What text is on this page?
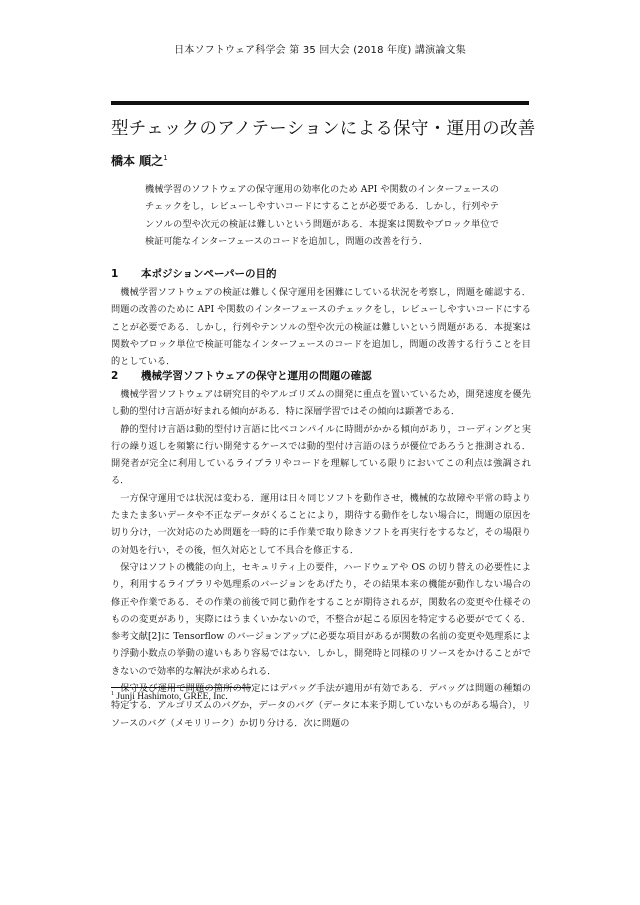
日本ソフトウェア科学会 第 35 回大会 (2018 年度) 講演論文集
型チェックのアノテーションによる保守・運用の改善
橋本 順之$^1$
機械学習のソフトウェアの保守運用の効率化のため API や関数のインターフェースのチェックをし，レビューしやすいコードにすることが必要である．しかし，行列やテンソルの型や次元の検証は難しいという問題がある．本提案は関数やブロック単位で検証可能なインターフェースのコードを追加し，問題の改善を行う．
1 本ポジションペーパーの目的

機械学習ソフトウェアの検証は難しく保守運用を困難にしている状況を考察し，問題を確認する．問題の改善のために API や関数のインターフェースのチェックをし，レビューしやすいコードにすることが必要である．しかし，行列やテンソルの型や次元の検証は難しいという問題がある．本提案は関数やブロック単位で検証可能なインターフェースのコードを追加し，問題の改善する行うことを目的としている．

2 機械学習ソフトウェアの保守と運用の問題の確認

機械学習ソフトウェアは研究目的やアルゴリズムの開発に重点を置いているため，開発速度を優先し動的型付け言語が好まれる傾向がある．特に深層学習ではその傾向は顕著である．

静的型付け言語は動的型付け言語に比べコンパイルに時間がかかる傾向があり，コーディングと実行の繰り返しを頻繁に行い開発するケースでは動的型付け言語のほうが優位であろうと推測される．開発者が完全に利用しているライブラリやコードを理解している限りにおいてこの利点は強調される．

一方保守運用では状況は変わる．運用は日々同じソフトを動作させ，機械的な故障や平常の時よりたまたま多いデータや不正なデータがくることにより，期待する動作をしない場合に，問題の原因を切り分け，一次対応のため問題を一時的に手作業で取り除きソフトを再実行をするなど，その場限りの対処を行い，その後，恒久対応として不具合を修正する．

保守はソフトの機能の向上，セキュリティ上の要件，ハードウェアや OS の切り替えの必要性により，利用するライブラリや処理系のバージョンをあげたり，その結果本来の機能が動作しない場合の修正や作業である．その作業の前後で同じ動作をすることが期待されるが，関数名の変更や仕様そのものの変更があり，実際にはうまくいかないので，不整合が起こる原因を特定する必要がでてくる．参考文献[2]に Tensorflow のバージョンアップに必要な項目があるが関数の名前の変更や処理系により浮動小数点の挙動の違いもあり容易ではない．しかし，開発時と同様のリソースをかけることができないので効率的な解決が求められる．

保守及び運用で問題の箇所の特定にはデバッグ手法が適用が有効である．デバッグは問題の種類の特定する．アルゴリズムのバグか，データのバグ（データに本来予期していないものがある場合），リソースのバグ（メモリリーク）か切り分ける．次に問題の

$^1$ Junji Hashimoto, GREE, Inc.
